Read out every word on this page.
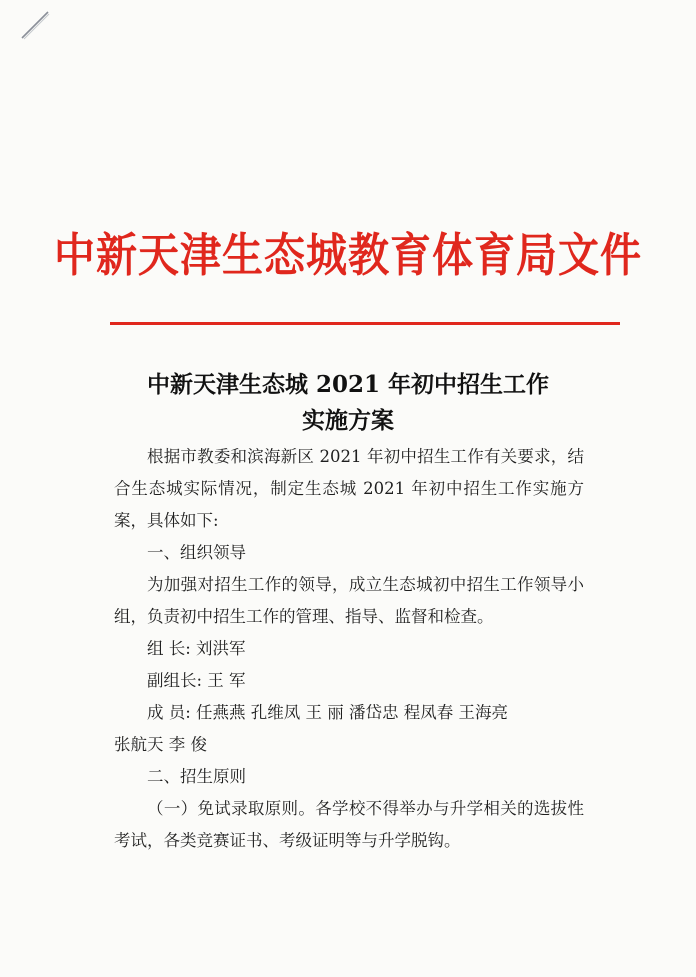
中新天津生态城教育体育局文件
中新天津生态城 2021 年初中招生工作
实施方案

根据市教委和滨海新区 2021 年初中招生工作有关要求，结合生态城实际情况，制定生态城 2021 年初中招生工作实施方案，具体如下:

一、组织领导

为加强对招生工作的领导，成立生态城初中招生工作领导小组，负责初中招生工作的管理、指导、监督和检查。

组 长: 刘洪军

副组长: 王 军

成 员: 任燕燕 孔维凤 王 丽 潘岱忠 程凤春 王海亮

张航天 李 俊

二、招生原则

（一）免试录取原则。各学校不得举办与升学相关的选拔性考试，各类竞赛证书、考级证明等与升学脱钩。
